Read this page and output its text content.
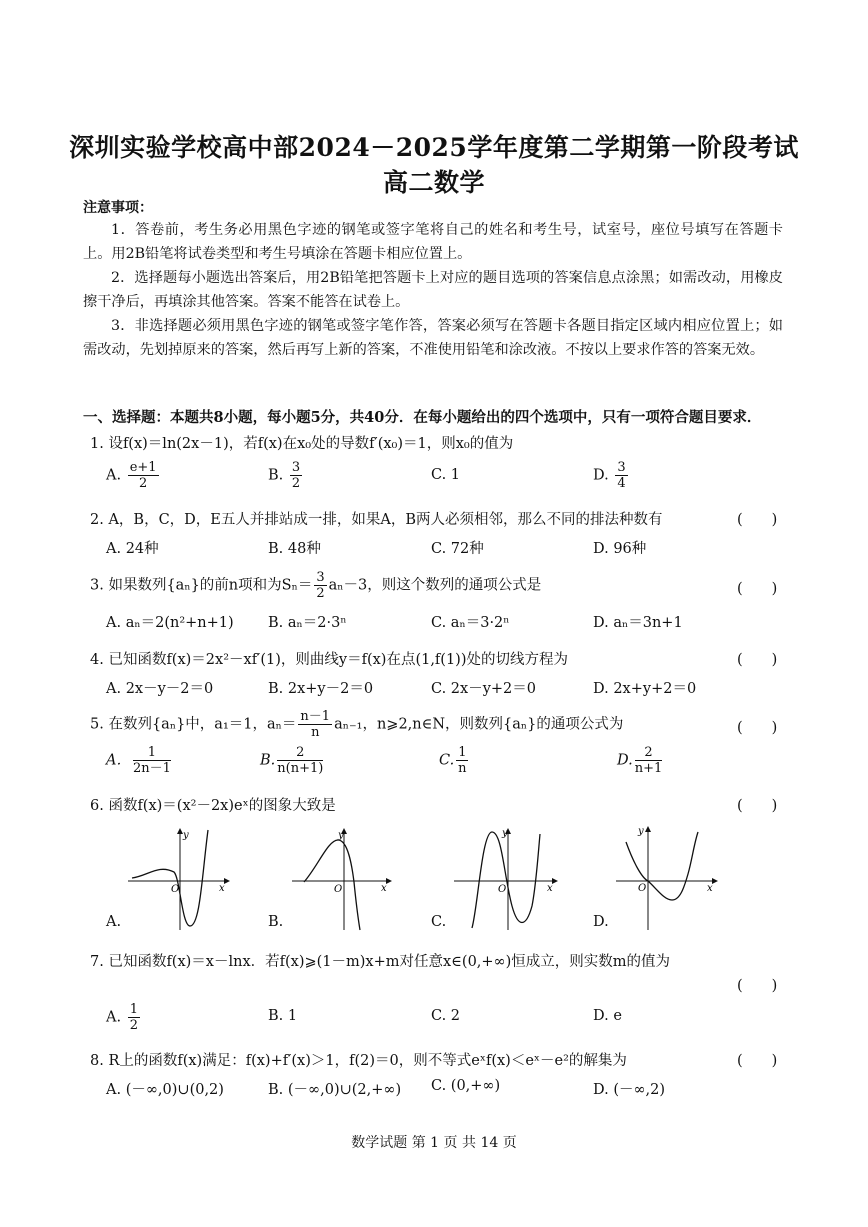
深圳实验学校高中部2024－2025学年度第二学期第一阶段考试
高二数学
注意事项：
1．答卷前，考生务必用黑色字迹的钢笔或签字笔将自己的姓名和考生号，试室号，座位号填写在答题卡上。用2B铅笔将试卷类型和考生号填涂在答题卡相应位置上。
2．选择题每小题选出答案后，用2B铅笔把答题卡上对应的题目选项的答案信息点涂黑；如需改动，用橡皮擦干净后，再填涂其他答案。答案不能答在试卷上。
3．非选择题必须用黑色字迹的钢笔或签字笔作答，答案必须写在答题卡各题目指定区域内相应位置上；如需改动，先划掉原来的答案，然后再写上新的答案，不准使用铅笔和涂改液。不按以上要求作答的答案无效。
一、选择题：本题共8小题，每小题5分，共40分．在每小题给出的四个选项中，只有一项符合题目要求．
1. 设f(x)＝ln(2x－1)，若f(x)在x₀处的导数f′(x₀)＝1，则x₀的值为
A. $\frac{e+1}{2}$	B. $\frac{3}{2}$	C. 1	D. $\frac{3}{4}$
2. A，B，C，D，E五人并排站成一排，如果A，B两人必须相邻，那么不同的排法种数有	(　　)
A. 24种	B. 48种	C. 72种	D. 96种
3. 如果数列{aₙ}的前n项和为$S_n= \frac{3}{2} a_n-3$，则这个数列的通项公式是	(　　)
A. aₙ＝2(n²+n+1) B. aₙ＝2·3ⁿ	C. aₙ＝3·2ⁿ	D. aₙ＝3n+1
4. 已知函数f(x)＝2x²－xf′(1)，则曲线y＝f(x)在点(1,f(1))处的切线方程为	(　　)
A. 2x－y－2＝0	B. 2x+y－2＝0	C. 2x－y+2＝0	D. 2x+y+2＝0
5. 在数列{aₙ}中，a₁＝1，$a_n= \frac{n-1}{n} a_{n-1}$，n⩾2,n∈N，则数列{aₙ}的通项公式为	(　　)
A． $\frac{1}{2n-1}$	B. $\frac{2}{n(n+1)}$	C. $\frac{1}{n}$	D. $\frac{2}{n+1}$
6. 函数f(x)＝(x²－2x)eˣ的图象大致是	(　　)
y
x
O
A.
y
x
O
B.
y
x
O
C.
y
x
O
D.
7. 已知函数f(x)＝x－lnx．若f(x)⩾(1－m)x+m对任意x∈(0,+∞)恒成立，则实数m的值为
(　　)
A. $\frac{1}{2}$	B. 1	C. 2	D. e
8. R上的函数f(x)满足：f(x)+f′(x)＞1，f(2)＝0，则不等式eˣf(x)＜eˣ－e²的解集为	(　　)
A. (－∞,0)∪(0,2)	B. (－∞,0)∪(2,+∞) C. (0,+∞)	D. (－∞,2)
数学试题 第 1 页 共 14 页
